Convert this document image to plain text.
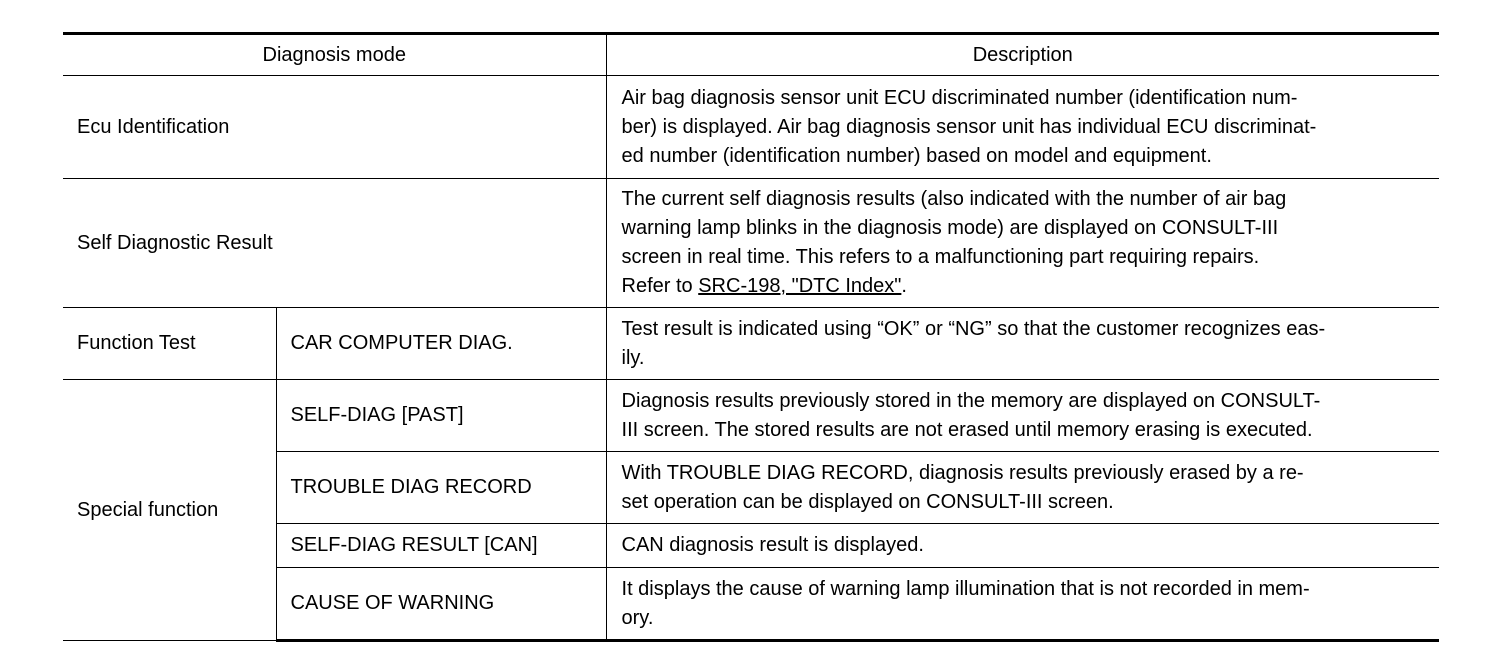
Diagnosis mode		Description
Ecu Identification		Air bag diagnosis sensor unit ECU discriminated number (identification num-
ber) is displayed. Air bag diagnosis sensor unit has individual ECU discriminat-
ed number (identification number) based on model and equipment.

Self Diagnostic Result		The current self diagnosis results (also indicated with the number of air bag
warning lamp blinks in the diagnosis mode) are displayed on CONSULT-III
screen in real time. This refers to a malfunctioning part requiring repairs.
Refer to SRC-198, "DTC Index".

Function Test	CAR COMPUTER DIAG.	Test result is indicated using “OK” or “NG” so that the customer recognizes eas-
ily.

Special function	SELF-DIAG [PAST]	Diagnosis results previously stored in the memory are displayed on CONSULT-
III screen. The stored results are not erased until memory erasing is executed.

	TROUBLE DIAG RECORD	With TROUBLE DIAG RECORD, diagnosis results previously erased by a re-
set operation can be displayed on CONSULT-III screen.

	SELF-DIAG RESULT [CAN]	CAN diagnosis result is displayed.

	CAUSE OF WARNING	It displays the cause of warning lamp illumination that is not recorded in mem-
ory.
